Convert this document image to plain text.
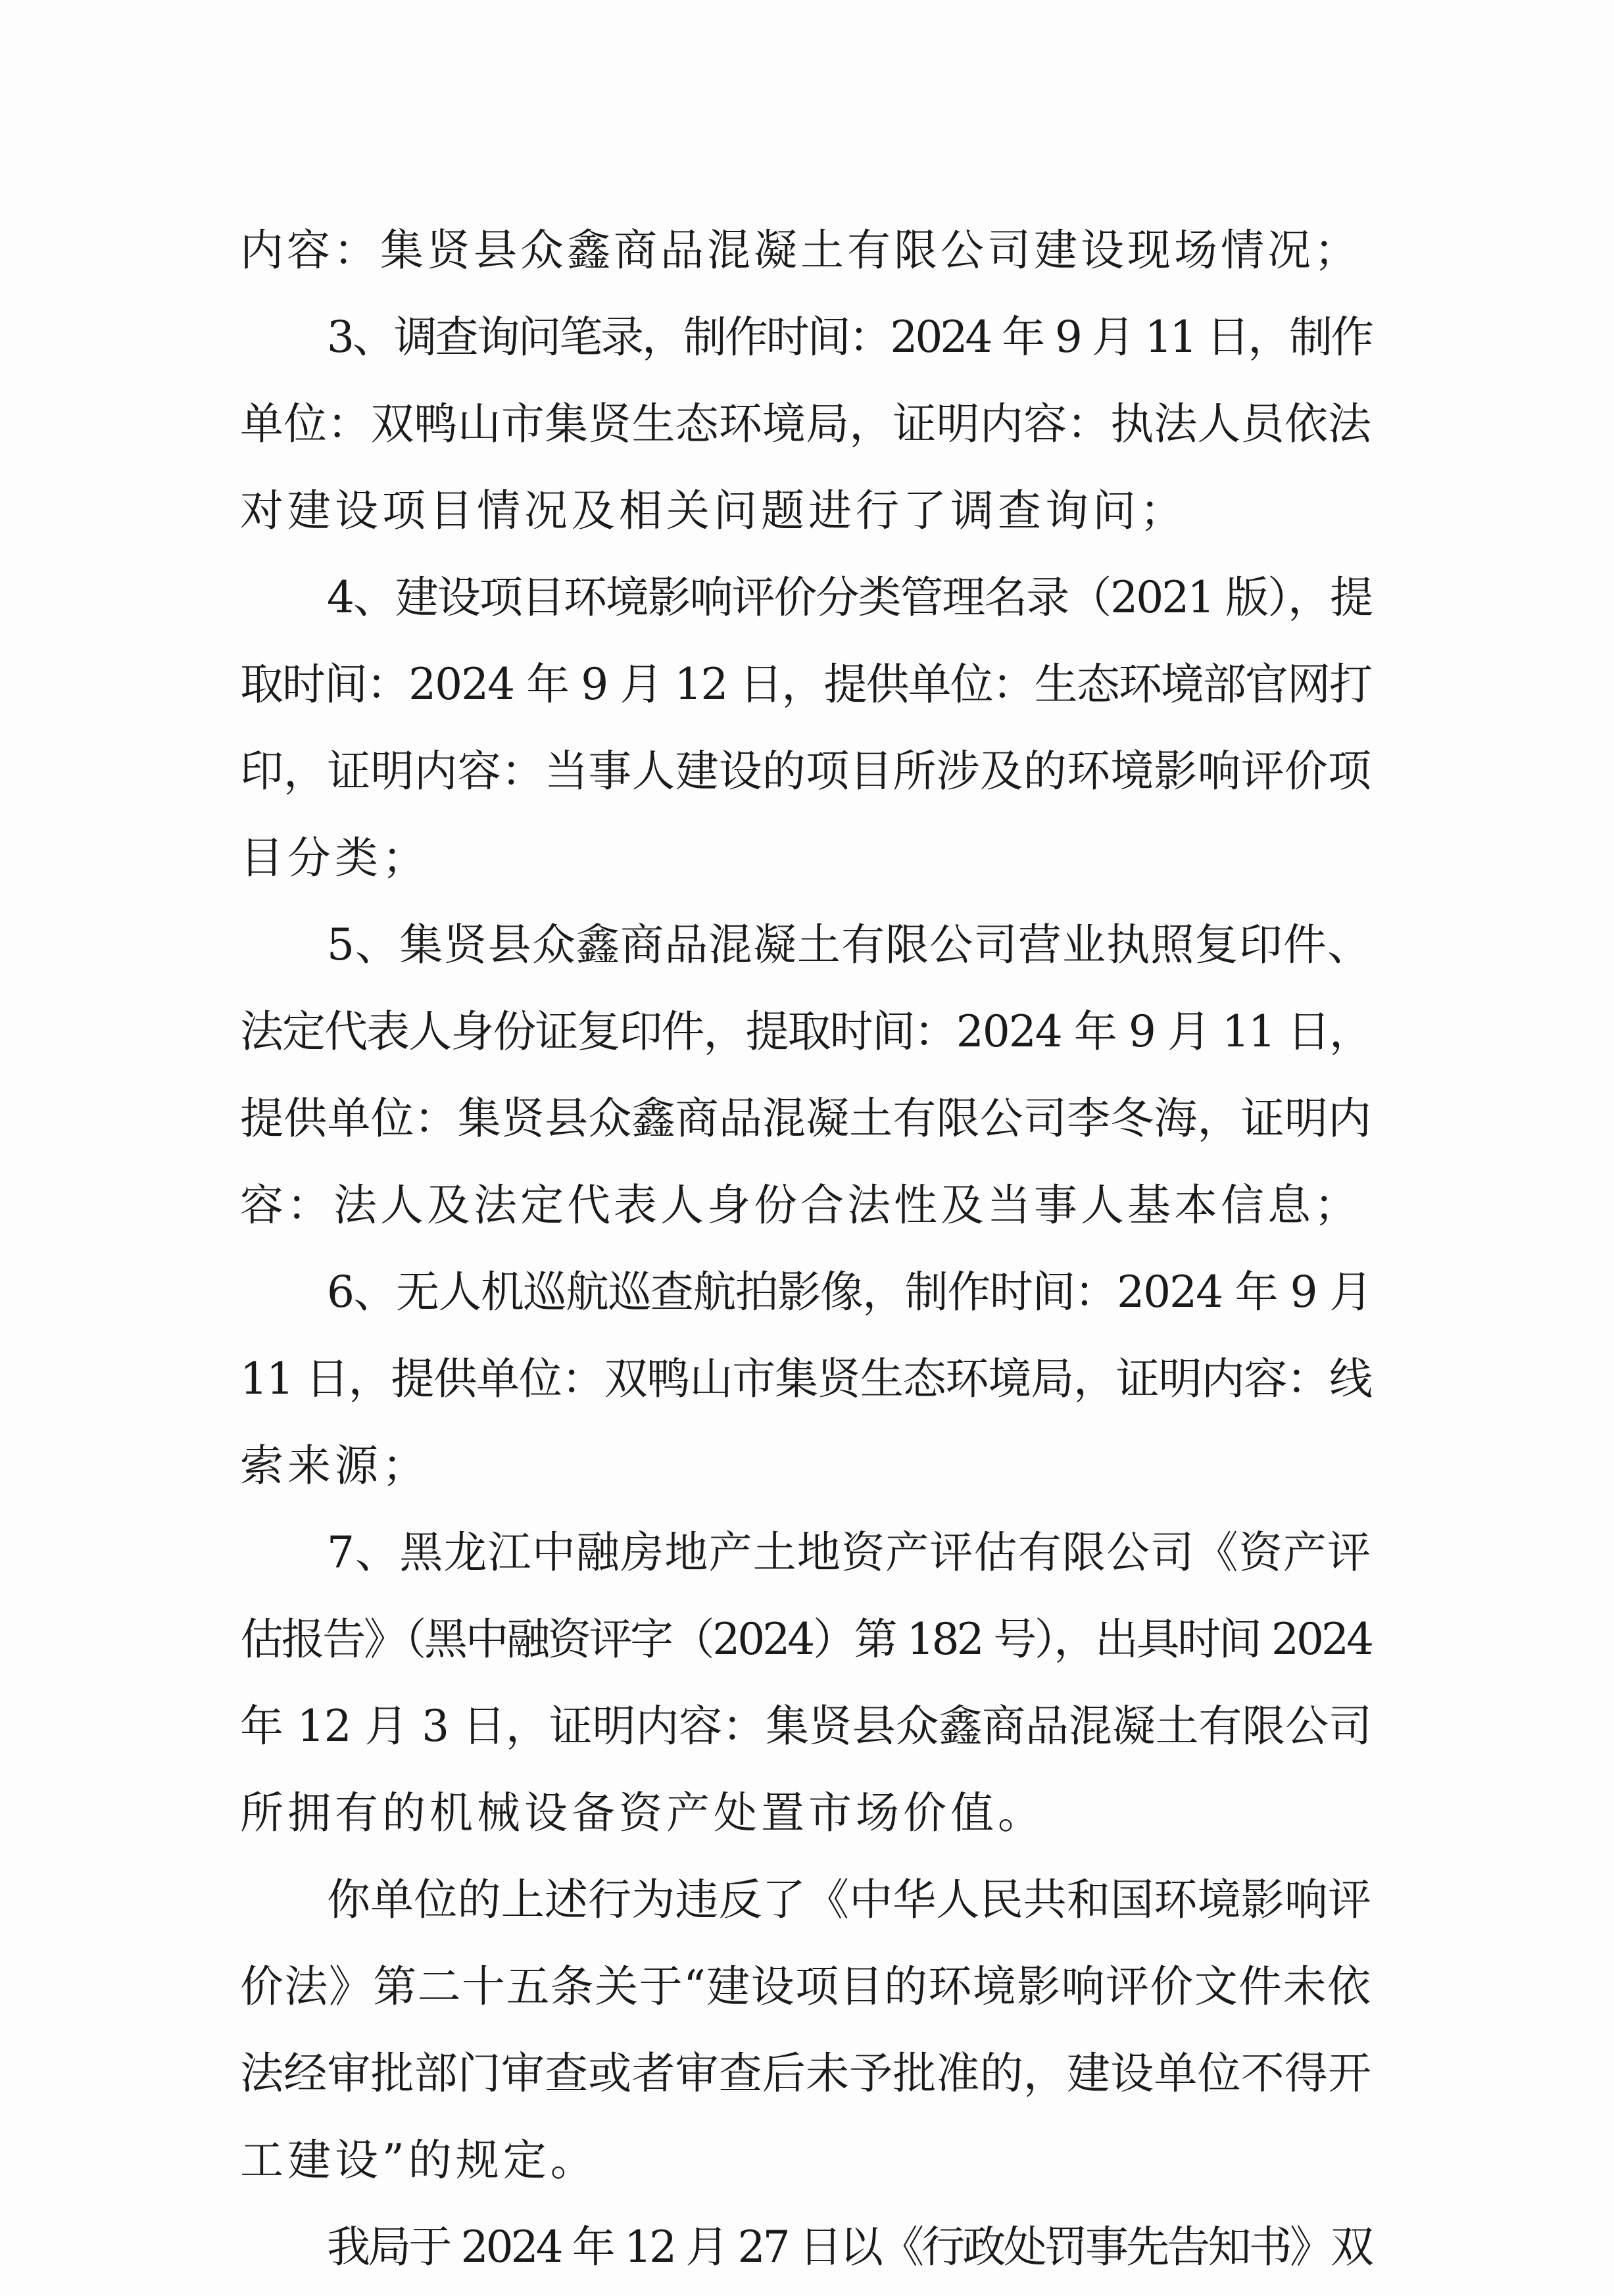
内容：集贤县众鑫商品混凝土有限公司建设现场情况；
3、调查询问笔录，制作时间：2024 年 9 月 11 日，制作
单位：双鸭山市集贤生态环境局，证明内容：执法人员依法
对建设项目情况及相关问题进行了调查询问；
4、建设项目环境影响评价分类管理名录（2021 版），提
取时间：2024 年 9 月 12 日，提供单位：生态环境部官网打
印，证明内容：当事人建设的项目所涉及的环境影响评价项
目分类；
5、集贤县众鑫商品混凝土有限公司营业执照复印件、
法定代表人身份证复印件，提取时间：2024 年 9 月 11 日，
提供单位：集贤县众鑫商品混凝土有限公司李冬海，证明内
容：法人及法定代表人身份合法性及当事人基本信息；
6、无人机巡航巡查航拍影像，制作时间：2024 年 9 月
11 日，提供单位：双鸭山市集贤生态环境局，证明内容：线
索来源；
7、黑龙江中融房地产土地资产评估有限公司《资产评
估报告》（黑中融资评字（2024）第 182 号），出具时间 2024
年 12 月 3 日，证明内容：集贤县众鑫商品混凝土有限公司
所拥有的机械设备资产处置市场价值。
你单位的上述行为违反了《中华人民共和国环境影响评
价法》第二十五条关于“建设项目的环境影响评价文件未依
法经审批部门审查或者审查后未予批准的，建设单位不得开
工建设”的规定。
我局于 2024 年 12 月 27 日以《行政处罚事先告知书》双
